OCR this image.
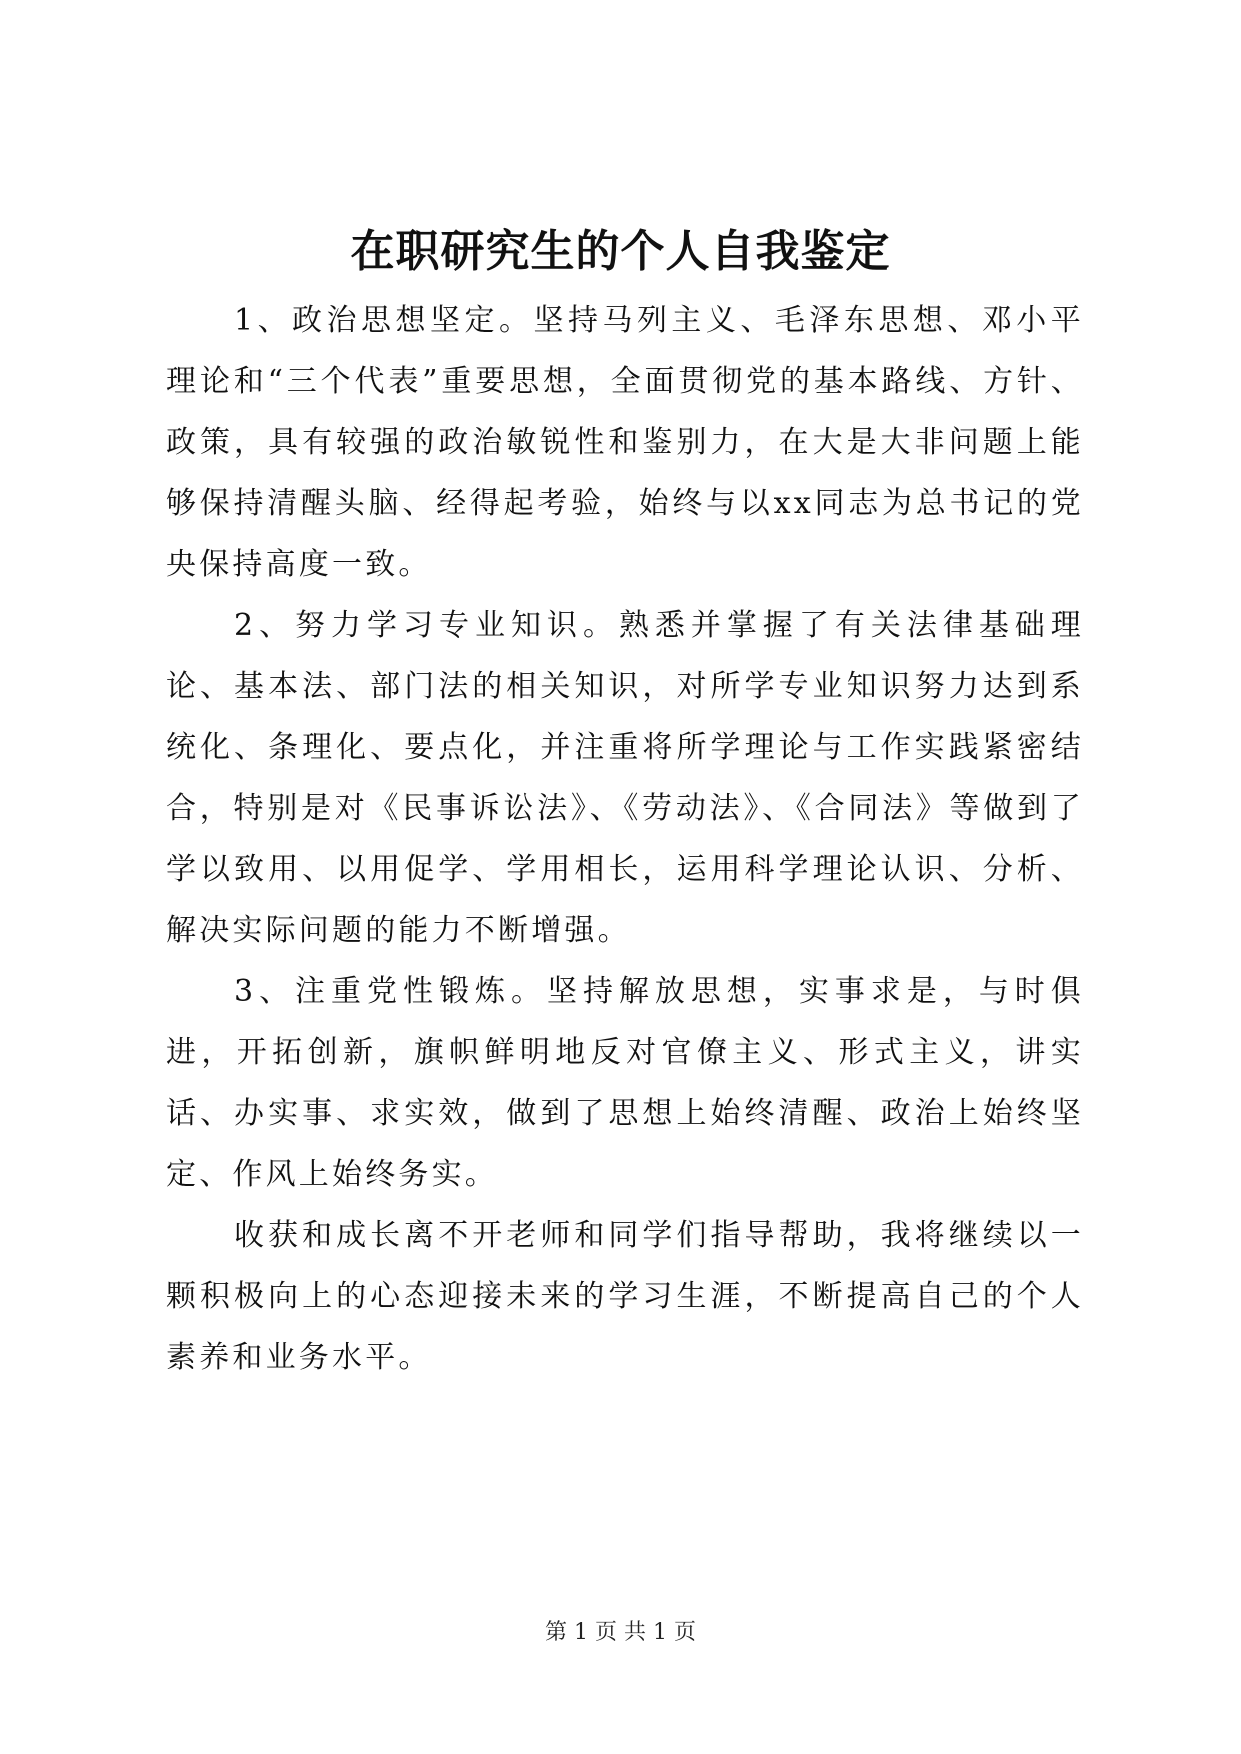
在职研究生的个人自我鉴定

1、政治思想坚定。坚持马列主义、毛泽东思想、邓小平理论和“三个代表”重要思想，全面贯彻党的基本路线、方针、政策，具有较强的政治敏锐性和鉴别力，在大是大非问题上能够保持清醒头脑、经得起考验，始终与以xx同志为总书记的党央保持高度一致。

2、努力学习专业知识。熟悉并掌握了有关法律基础理论、基本法、部门法的相关知识，对所学专业知识努力达到系统化、条理化、要点化，并注重将所学理论与工作实践紧密结合，特别是对《民事诉讼法》、《劳动法》、《合同法》等做到了学以致用、以用促学、学用相长，运用科学理论认识、分析、解决实际问题的能力不断增强。

3、注重党性锻炼。坚持解放思想，实事求是，与时俱进，开拓创新，旗帜鲜明地反对官僚主义、形式主义，讲实话、办实事、求实效，做到了思想上始终清醒、政治上始终坚定、作风上始终务实。

收获和成长离不开老师和同学们指导帮助，我将继续以一颗积极向上的心态迎接未来的学习生涯，不断提高自己的个人素养和业务水平。

第 1 页 共 1 页
